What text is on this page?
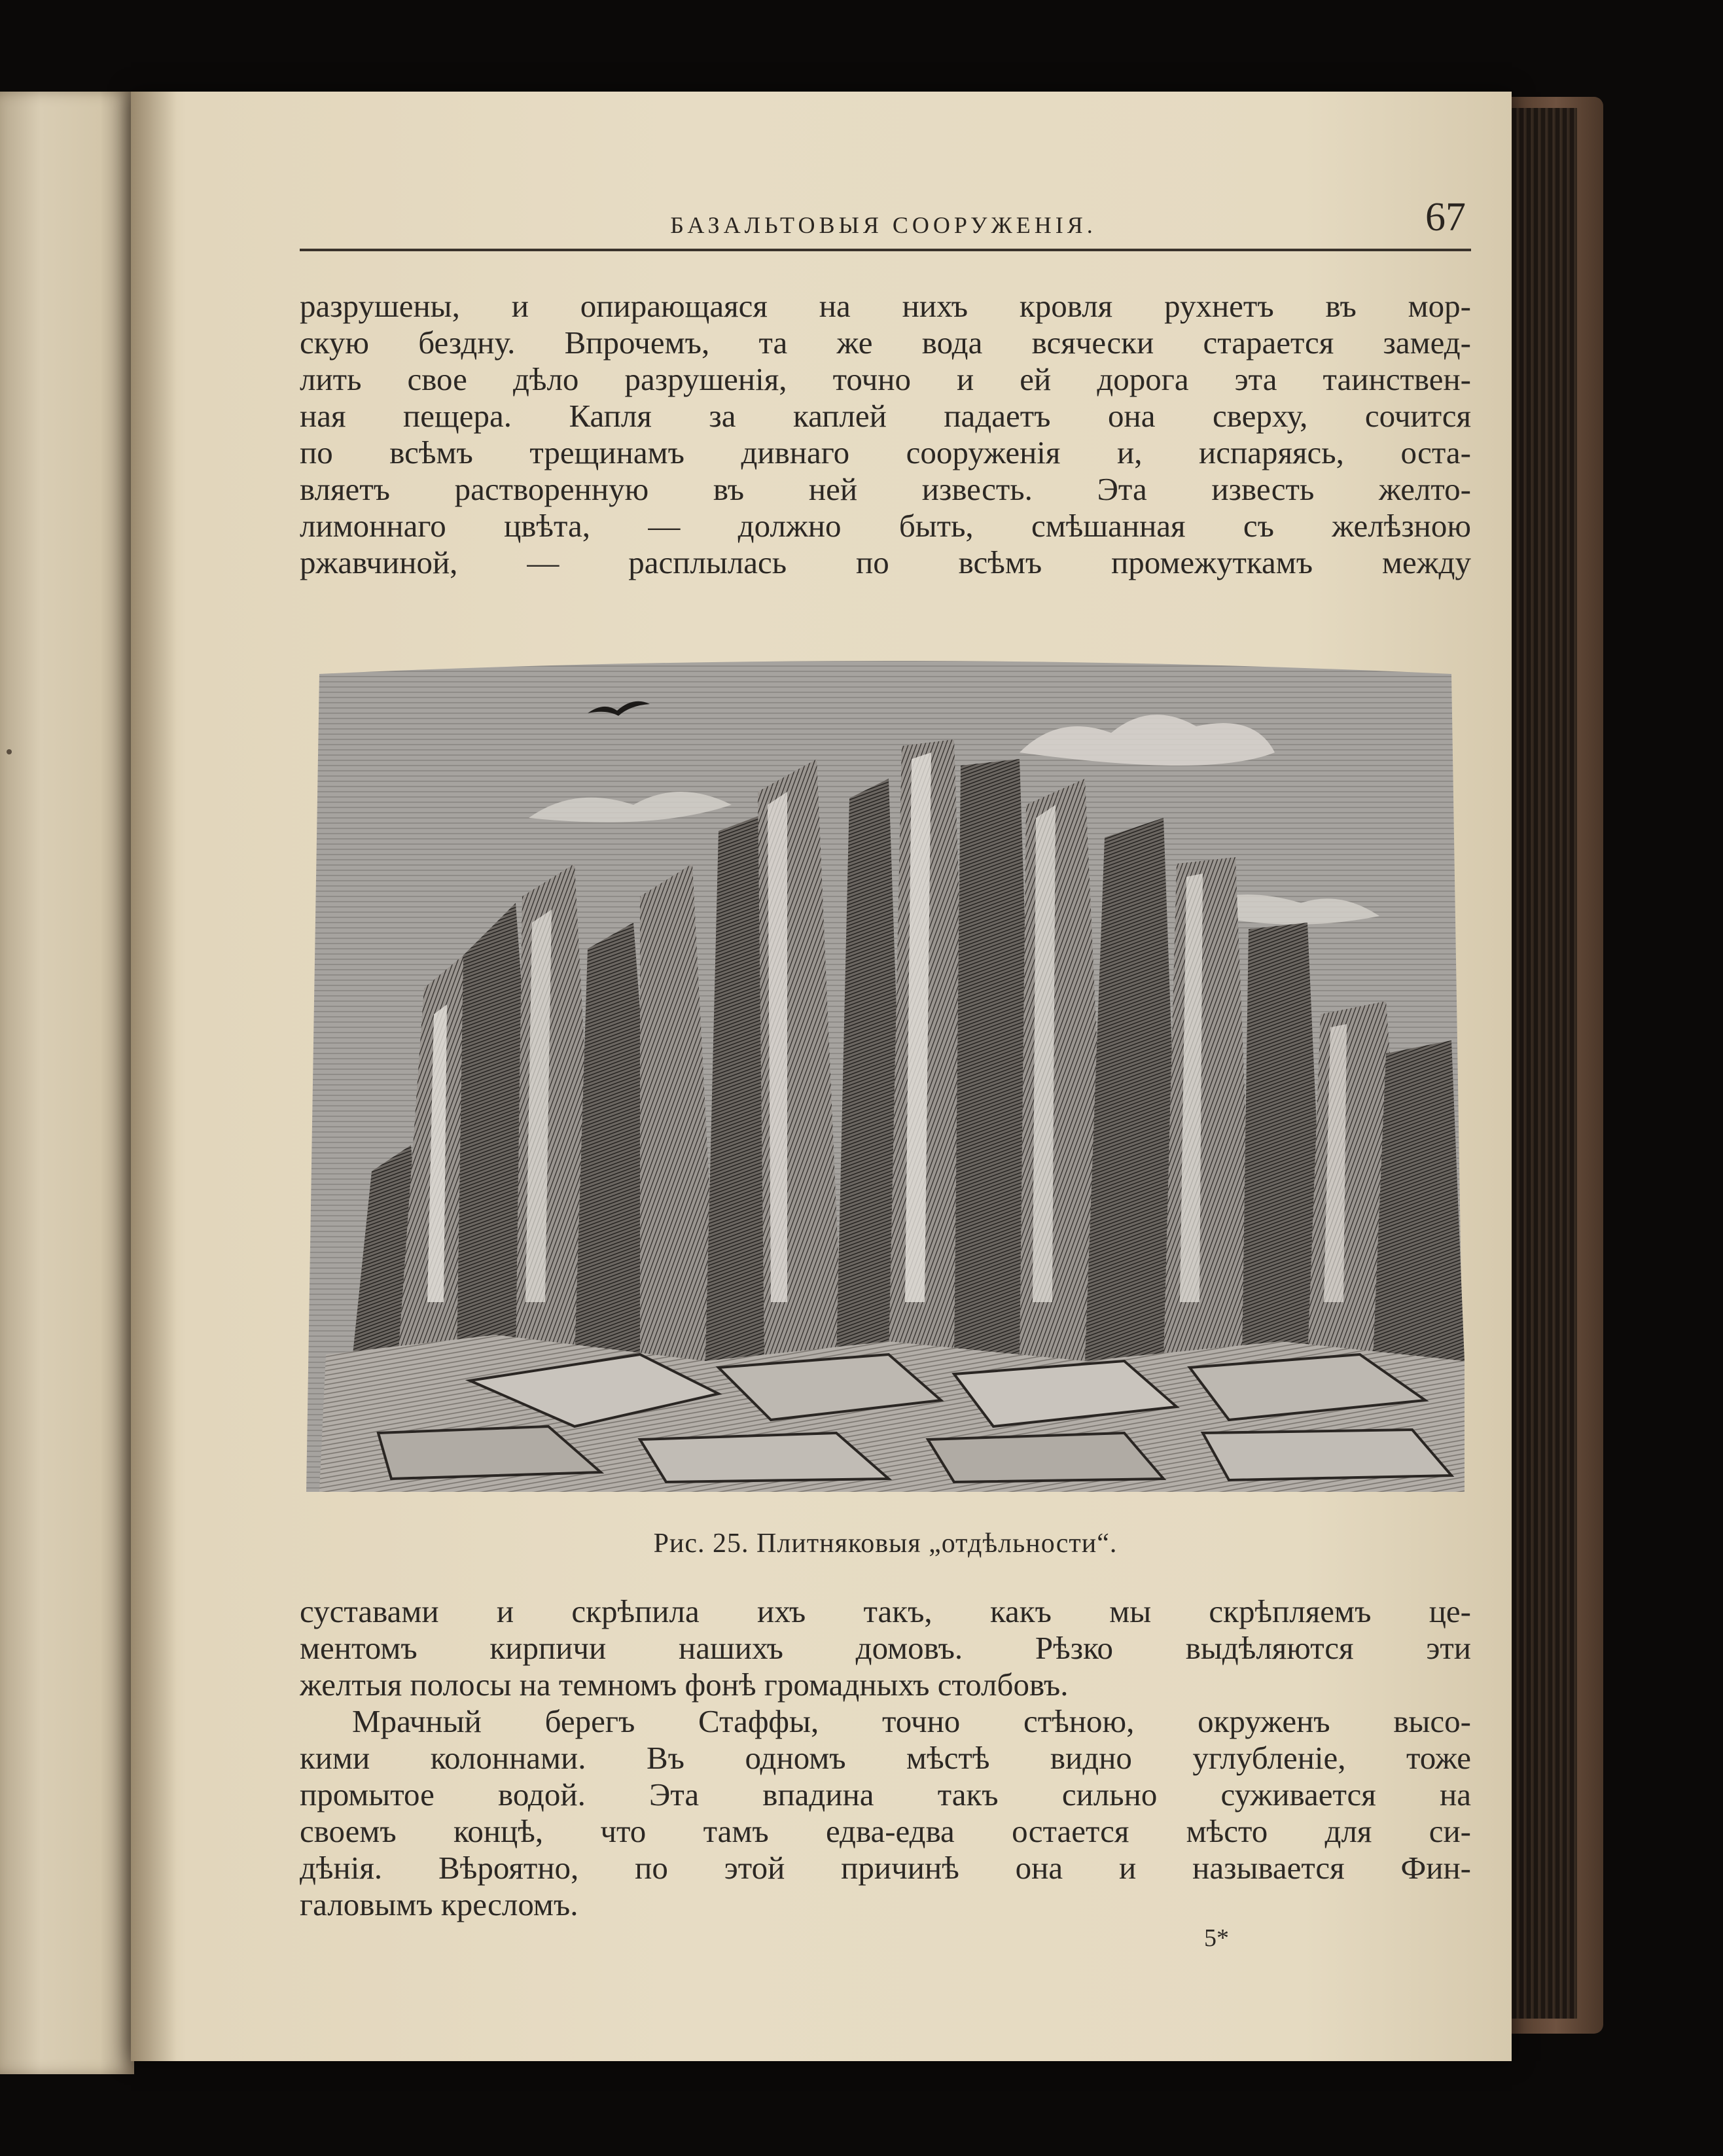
БАЗАЛЬТОВЫЯ СООРУЖЕНІЯ.	67
разрушены, и опирающаяся на нихъ кровля рухнетъ въ мор-
скую бездну. Впрочемъ, та же вода всячески старается замед-
лить свое дѣло разрушенія, точно и ей дорога эта таинствен-
ная пещера. Капля за каплей падаетъ она сверху, сочится
по всѣмъ трещинамъ дивнаго сооруженія и, испаряясь, оста-
вляетъ растворенную въ ней известь. Эта известь желто-
лимоннаго цвѣта, — должно быть, смѣшанная съ желѣзною
ржавчиной, — расплылась по всѣмъ промежуткамъ между
Рис. 25. Плитняковыя „отдѣльности“.
суставами и скрѣпила ихъ такъ, какъ мы скрѣпляемъ це-
ментомъ кирпичи нашихъ домовъ. Рѣзко выдѣляются эти
желтыя полосы на темномъ фонѣ громадныхъ столбовъ.
Мрачный берегъ Стаффы, точно стѣною, окруженъ высо-
кими колоннами. Въ одномъ мѣстѣ видно углубленіе, тоже
промытое водой. Эта впадина такъ сильно суживается на
своемъ концѣ, что тамъ едва-едва остается мѣсто для си-
дѣнія. Вѣроятно, по этой причинѣ она и называется Фин-
галовымъ кресломъ.
5*
